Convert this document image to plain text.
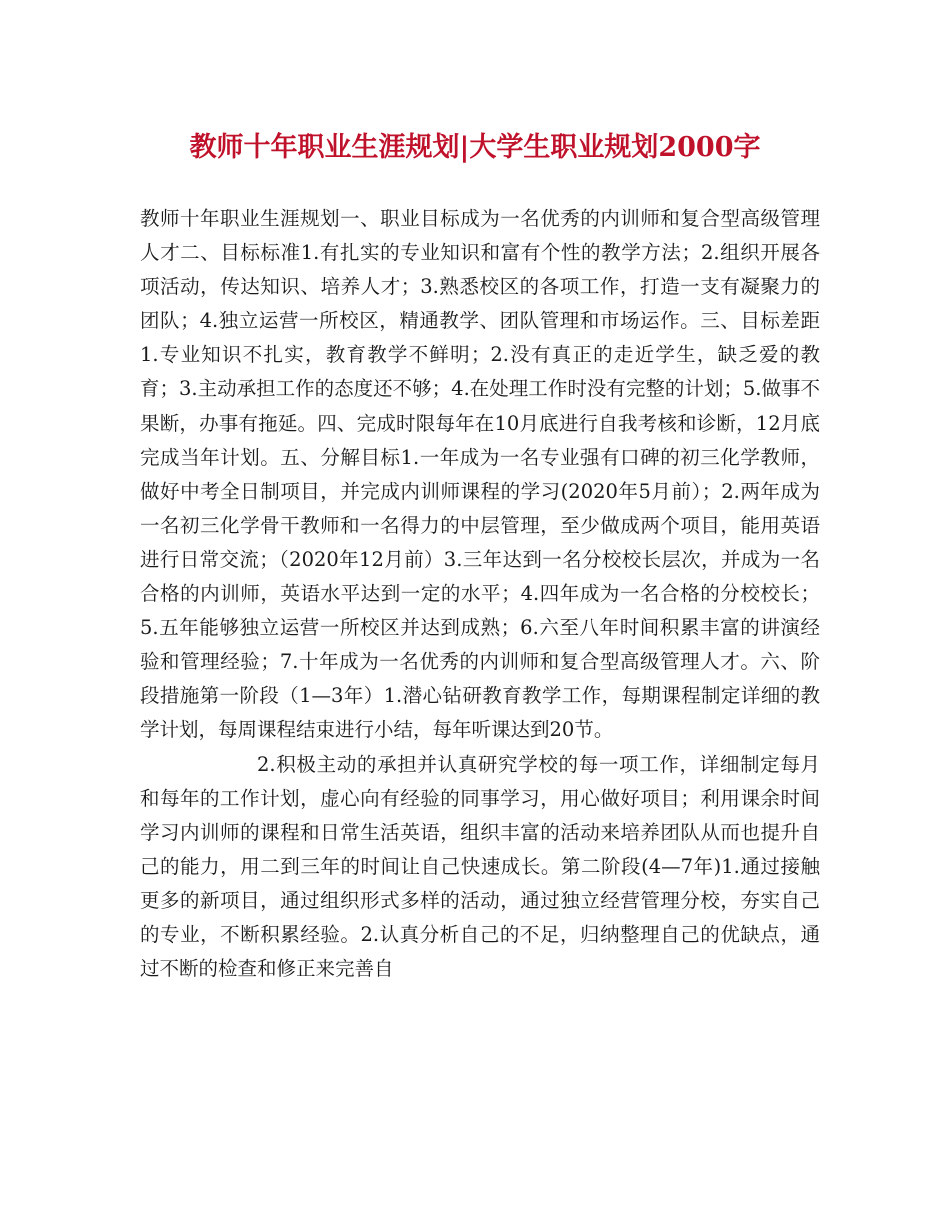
教师十年职业生涯规划|大学生职业规划2000字

教师十年职业生涯规划一、职业目标成为一名优秀的内训师和复合型高级管理人才二、目标标准1.有扎实的专业知识和富有个性的教学方法；2.组织开展各项活动，传达知识、培养人才；3.熟悉校区的各项工作，打造一支有凝聚力的团队；4.独立运营一所校区，精通教学、团队管理和市场运作。三、目标差距1.专业知识不扎实，教育教学不鲜明；2.没有真正的走近学生，缺乏爱的教育；3.主动承担工作的态度还不够；4.在处理工作时没有完整的计划；5.做事不果断，办事有拖延。四、完成时限每年在10月底进行自我考核和诊断，12月底完成当年计划。五、分解目标1.一年成为一名专业强有口碑的初三化学教师，做好中考全日制项目，并完成内训师课程的学习(2020年5月前）；2.两年成为一名初三化学骨干教师和一名得力的中层管理，至少做成两个项目，能用英语进行日常交流；（2020年12月前）3.三年达到一名分校校长层次，并成为一名合格的内训师，英语水平达到一定的水平；4.四年成为一名合格的分校校长；5.五年能够独立运营一所校区并达到成熟；6.六至八年时间积累丰富的讲演经验和管理经验；7.十年成为一名优秀的内训师和复合型高级管理人才。六、阶段措施第一阶段（1—3年）1.潜心钻研教育教学工作，每期课程制定详细的教学计划，每周课程结束进行小结，每年听课达到20节。

2.积极主动的承担并认真研究学校的每一项工作，详细制定每月和每年的工作计划，虚心向有经验的同事学习，用心做好项目；利用课余时间学习内训师的课程和日常生活英语，组织丰富的活动来培养团队从而也提升自己的能力，用二到三年的时间让自己快速成长。第二阶段(4—7年)1.通过接触更多的新项目，通过组织形式多样的活动，通过独立经营管理分校，夯实自己的专业，不断积累经验。2.认真分析自己的不足，归纳整理自己的优缺点，通过不断的检查和修正来完善自
